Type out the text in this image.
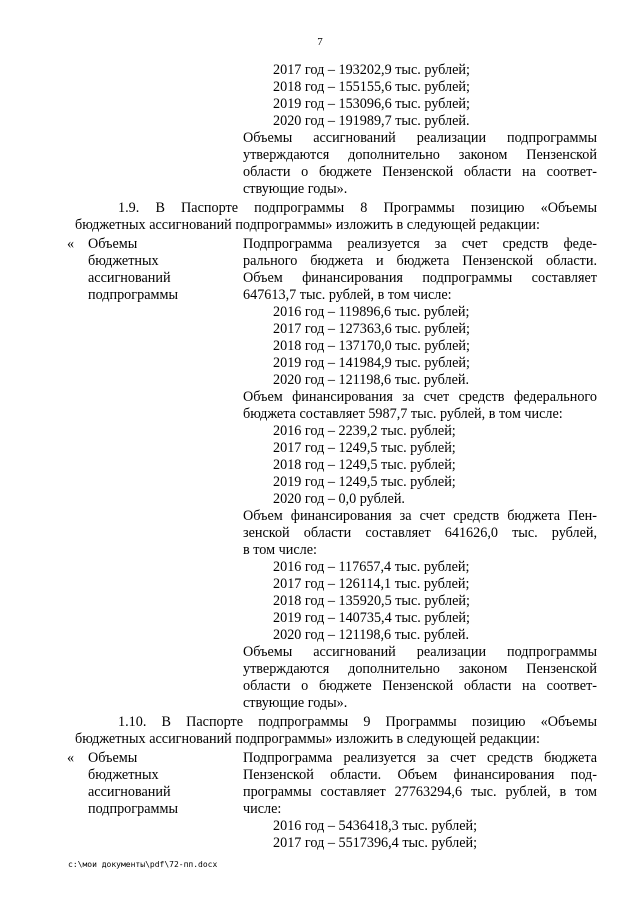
7
2017 год – 193202,9 тыс. рублей;
2018 год – 155155,6 тыс. рублей;
2019 год – 153096,6 тыс. рублей;
2020 год – 191989,7 тыс. рублей.
Объемы ассигнований реализации подпрограммы
утверждаются дополнительно законом Пензенской
области о бюджете Пензенской области на соответ-
ствующие годы».
1.9. В Паспорте подпрограммы 8 Программы позицию «Объемы
бюджетных ассигнований подпрограммы» изложить в следующей редакции:
« Объемы
бюджетных
ассигнований
подпрограммы
Подпрограмма реализуется за счет средств феде-
рального бюджета и бюджета Пензенской области.
Объем финансирования подпрограммы составляет
647613,7 тыс. рублей, в том числе:
2016 год – 119896,6 тыс. рублей;
2017 год – 127363,6 тыс. рублей;
2018 год – 137170,0 тыс. рублей;
2019 год – 141984,9 тыс. рублей;
2020 год – 121198,6 тыс. рублей.
Объем финансирования за счет средств федерального
бюджета составляет 5987,7 тыс. рублей, в том числе:
2016 год – 2239,2 тыс. рублей;
2017 год – 1249,5 тыс. рублей;
2018 год – 1249,5 тыс. рублей;
2019 год – 1249,5 тыс. рублей;
2020 год – 0,0 рублей.
Объем финансирования за счет средств бюджета Пен-
зенской области составляет 641626,0 тыс. рублей,
в том числе:
2016 год – 117657,4 тыс. рублей;
2017 год – 126114,1 тыс. рублей;
2018 год – 135920,5 тыс. рублей;
2019 год – 140735,4 тыс. рублей;
2020 год – 121198,6 тыс. рублей.
Объемы ассигнований реализации подпрограммы
утверждаются дополнительно законом Пензенской
области о бюджете Пензенской области на соответ-
ствующие годы».
1.10. В Паспорте подпрограммы 9 Программы позицию «Объемы
бюджетных ассигнований подпрограммы» изложить в следующей редакции:
« Объемы
бюджетных
ассигнований
подпрограммы
Подпрограмма реализуется за счет средств бюджета
Пензенской области. Объем финансирования под-
программы составляет 27763294,6 тыс. рублей, в том
числе:
2016 год – 5436418,3 тыс. рублей;
2017 год – 5517396,4 тыс. рублей;
c:\мои документы\pdf\72-пп.docx
